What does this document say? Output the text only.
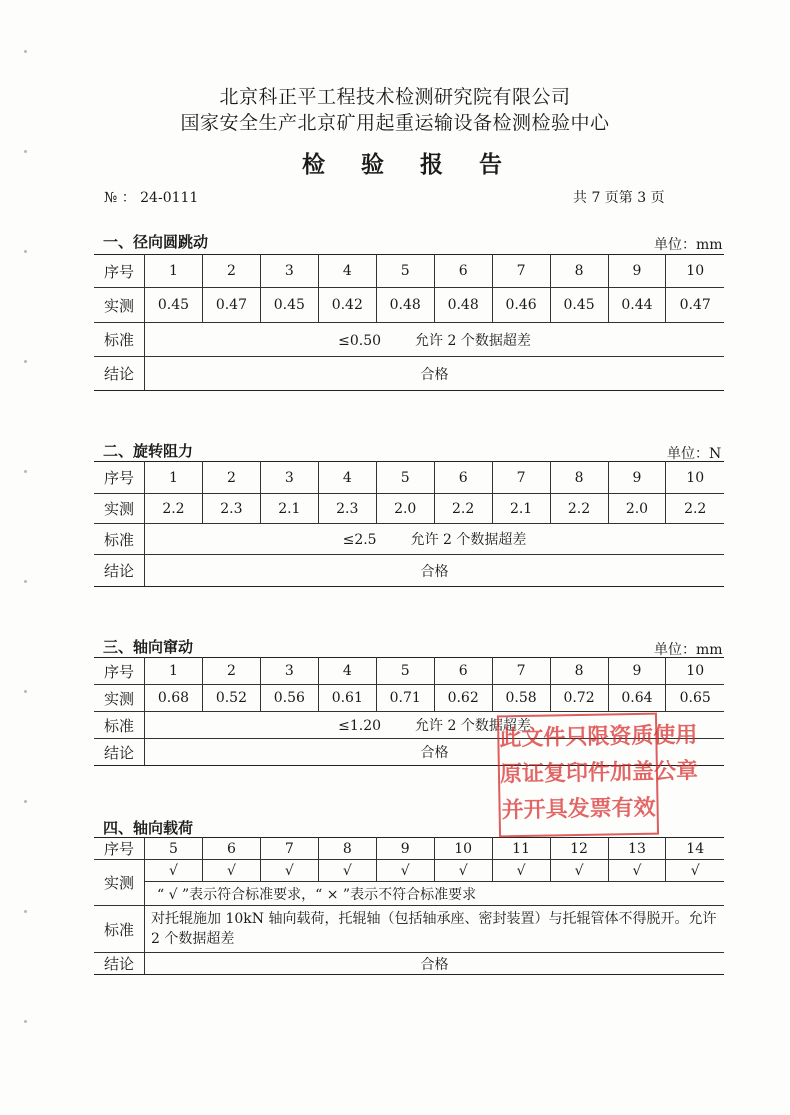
北京科正平工程技术检测研究院有限公司
国家安全生产北京矿用起重运输设备检测检验中心
检 验 报 告
№ ： 24-0111	共 7 页第 3 页
一、径向圆跳动	单位：mm
序号	1	2	3	4	5	6	7	8	9	10
实测	0.45	0.47	0.45	0.42	0.48	0.48	0.46	0.45	0.44	0.47
标准	≤0.50 允许 2 个数据超差									
结论	合格									
二、旋转阻力	单位：N
序号	1	2	3	4	5	6	7	8	9	10
实测	2.2	2.3	2.1	2.3	2.0	2.2	2.1	2.2	2.0	2.2
标准	≤2.5 允许 2 个数据超差									
结论	合格									
三、轴向窜动	单位：mm
序号	1	2	3	4	5	6	7	8	9	10
实测	0.68	0.52	0.56	0.61	0.71	0.62	0.58	0.72	0.64	0.65
标准	≤1.20 允许 2 个数据超差									
结论	合格									
四、轴向载荷
序号	5	6	7	8	9	10	11	12	13	14
实测	√	√	√	√	√	√	√	√	√	√
	“ √ ”表示符合标准要求，“ × ”表示不符合标准要求									
标准	对托辊施加 10kN 轴向载荷，托辊轴（包括轴承座、密封装置）与托辊管体不得脱开。允许 2 个数据超差									
结论	合格									
此文件只限资质使用
原证复印件加盖公章
并开具发票有效
